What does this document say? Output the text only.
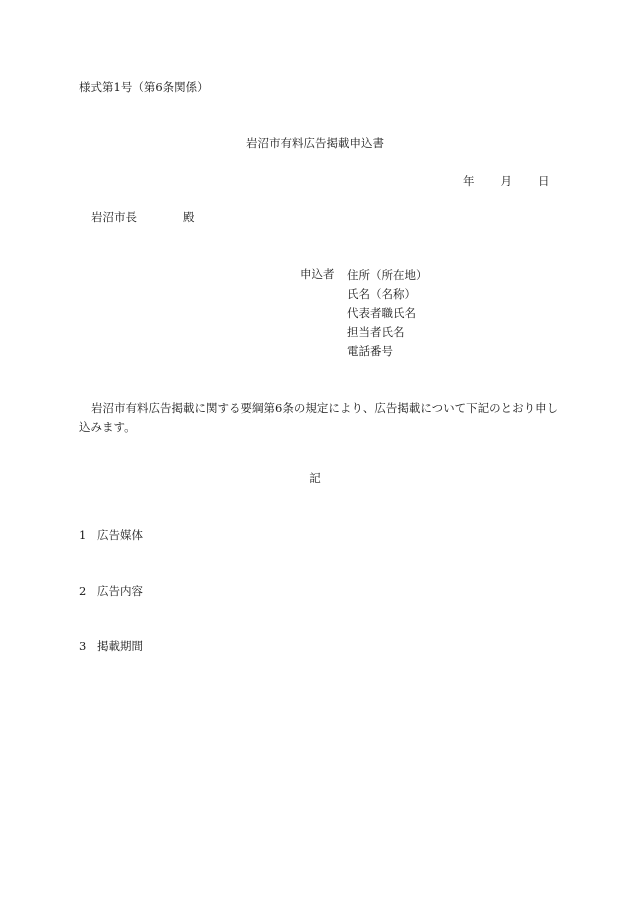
様式第1号（第6条関係）
岩沼市有料広告掲載申込書
年 月 日
岩沼市長	殿
申込者 住所（所在地）
氏名（名称）
代表者職氏名
担当者氏名
電話番号
岩沼市有料広告掲載に関する要綱第6条の規定により、広告掲載について下記のとおり申し込みます。
記
1 広告媒体
2 広告内容
3 掲載期間
